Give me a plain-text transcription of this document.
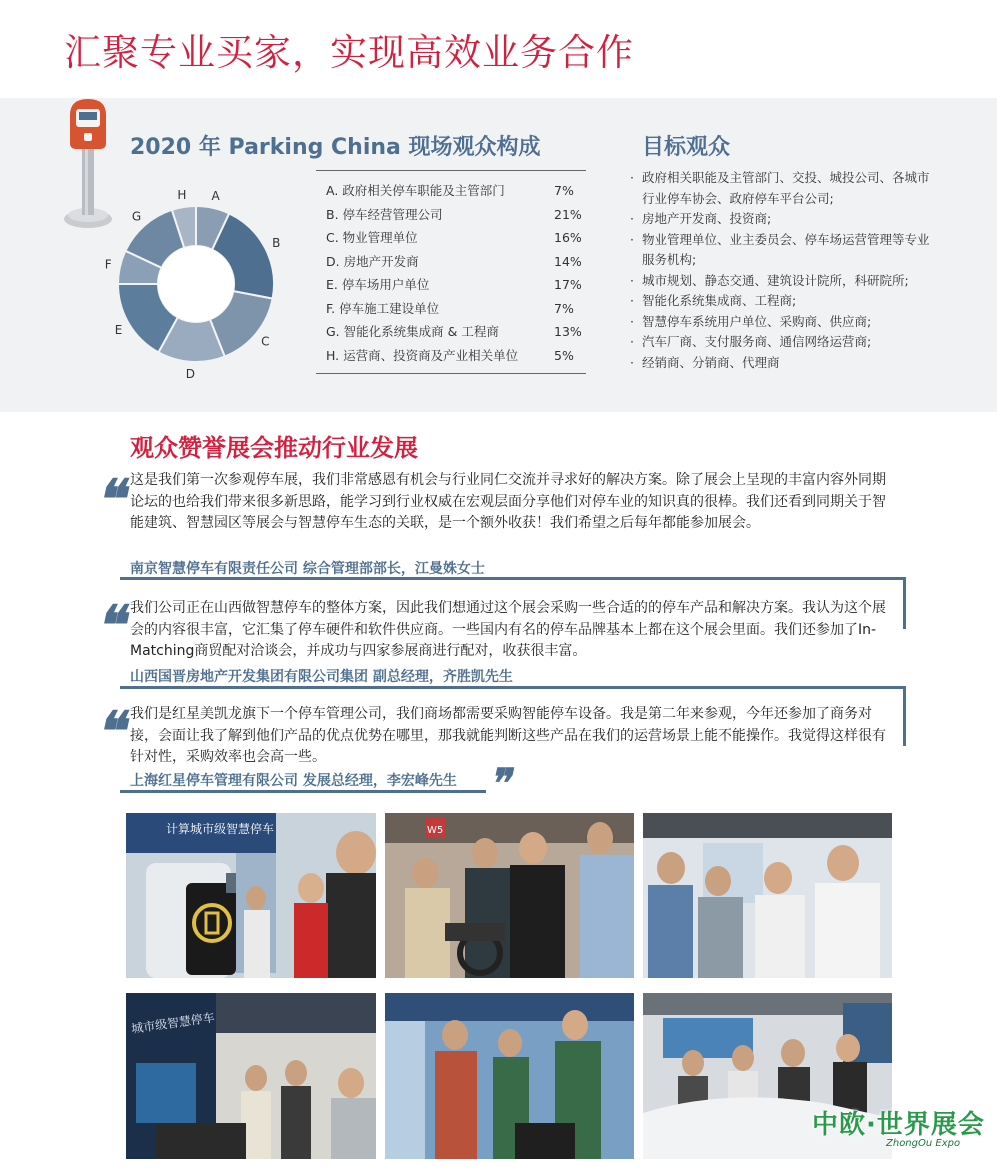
汇聚专业买家，实现高效业务合作
2020 年 Parking China 现场观众构成	目标观众
A
B
C
D
E
F
G
H	A. 政府相关停车职能及主管部门	7%
B. 停车经营管理公司	21%
C. 物业管理单位	16%
D. 房地产开发商	14%
E. 停车场用户单位	17%
F. 停车施工建设单位	7%
G. 智能化系统集成商 & 工程商	13%
H. 运营商、投资商及产业相关单位	5%
· 政府相关职能及主管部门、交投、城投公司、各城市行业停车协会、政府停车平台公司;
· 房地产开发商、投资商;
· 物业管理单位、业主委员会、停车场运营管理等专业服务机构;
· 城市规划、静态交通、建筑设计院所，科研院所;
· 智能化系统集成商、工程商;
· 智慧停车系统用户单位、采购商、供应商;
· 汽车厂商、支付服务商、通信网络运营商;
· 经销商、分销商、代理商
观众赞誉展会推动行业发展
❝
这是我们第一次参观停车展，我们非常感恩有机会与行业同仁交流并寻求好的解决方案。除了展会上呈现的丰富内容外同期论坛的也给我们带来很多新思路，能学习到行业权威在宏观层面分享他们对停车业的知识真的很棒。我们还看到同期关于智能建筑、智慧园区等展会与智慧停车生态的关联，是一个额外收获！我们希望之后每年都能参加展会。
南京智慧停车有限责任公司 综合管理部部长，江曼姝女士
❝
我们公司正在山西做智慧停车的整体方案，因此我们想通过这个展会采购一些合适的的停车产品和解决方案。我认为这个展会的内容很丰富，它汇集了停车硬件和软件供应商。一些国内有名的停车品牌基本上都在这个展会里面。我们还参加了In-Matching商贸配对洽谈会，并成功与四家参展商进行配对，收获很丰富。
山西国晋房地产开发集团有限公司集团 副总经理，齐胜凯先生
❝
我们是红星美凯龙旗下一个停车管理公司，我们商场都需要采购智能停车设备。我是第二年来参观，今年还参加了商务对接，会面让我了解到他们产品的优点优势在哪里，那我就能判断这些产品在我们的运营场景上能不能操作。我觉得这样很有针对性，采购效率也会高一些。
上海红星停车管理有限公司 发展总经理，李宏峰先生 ❞
计算城市级智慧停车	W5
城市级智慧停车
中欧·世界展会
ZhongOu Expo
